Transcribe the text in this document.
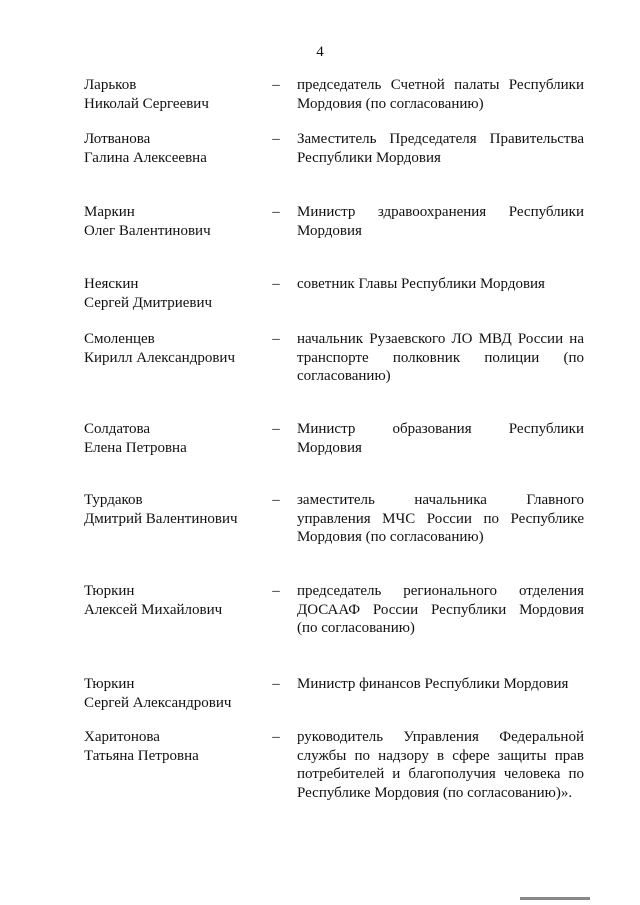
4
Ларьков
Николай Сергеевич
– председатель Счетной палаты Республики
Мордовия (по согласованию)
Лотванова
Галина Алексеевна
– Заместитель Председателя Правительства
Республики Мордовия
Маркин
Олег Валентинович
– Министр здравоохранения Республики
Мордовия
Неяскин
Сергей Дмитриевич
– советник Главы Республики Мордовия
Смоленцев
Кирилл Александрович
– начальник Рузаевского ЛО МВД России на
транспорте полковник полиции (по
согласованию)
Солдатова
Елена Петровна
– Министр образования Республики
Мордовия
Турдаков
Дмитрий Валентинович
– заместитель начальника Главного
управления МЧС России по Республике
Мордовия (по согласованию)
Тюркин
Алексей Михайлович
– председатель регионального отделения
ДОСААФ России Республики Мордовия
(по согласованию)
Тюркин
Сергей Александрович
– Министр финансов Республики Мордовия
Харитонова
Татьяна Петровна
– руководитель Управления Федеральной
службы по надзору в сфере защиты прав
потребителей и благополучия человека по
Республике Мордовия (по согласованию)».
